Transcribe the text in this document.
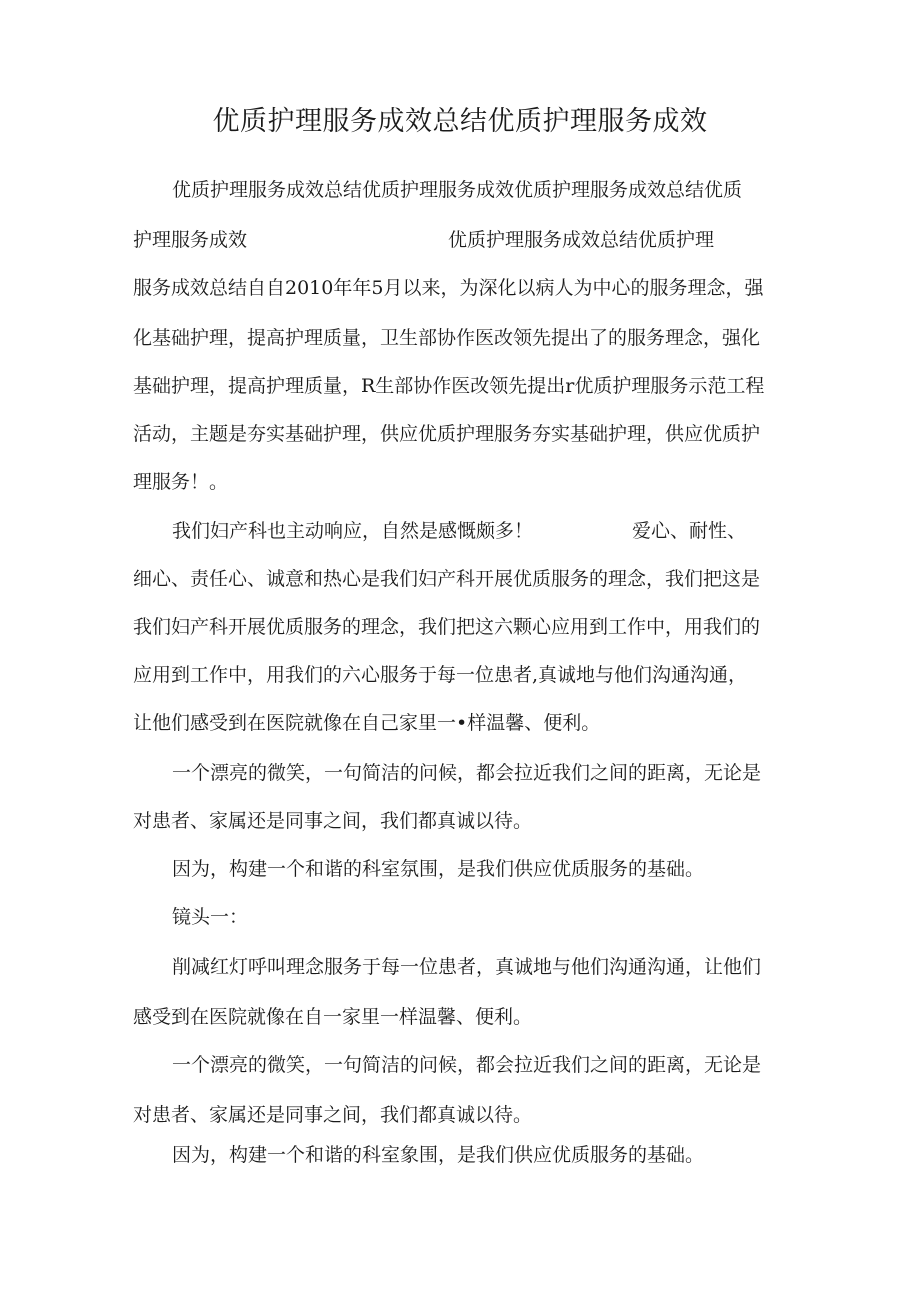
优质护理服务成效总结优质护理服务成效
优质护理服务成效总结优质护理服务成效优质护理服务成效总结优质
护理服务成效	优质护理服务成效总结优质护理
服务成效总结自自2010年年5月以来，为深化以病人为中心的服务理念，强
化基础护理，提高护理质量，卫生部协作医改领先提出了的服务理念，强化
基础护理，提高护理质量，R生部协作医改领先提出r优质护理服务示范工程
活动，主题是夯实基础护理，供应优质护理服务夯实基础护理，供应优质护
理服务！。
我们妇产科也主动响应，自然是感慨颇多！	爱心、耐性、
细心、责任心、诚意和热心是我们妇产科开展优质服务的理念，我们把这是
我们妇产科开展优质服务的理念，我们把这六颗心应用到工作中，用我们的
应用到工作中，用我们的六心服务于每一位患者,真诚地与他们沟通沟通，
让他们感受到在医院就像在自己家里一•样温馨、便利。
一个漂亮的微笑，一句简洁的问候，都会拉近我们之间的距离，无论是
对患者、家属还是同事之间，我们都真诚以待。
因为，构建一个和谐的科室氛围，是我们供应优质服务的基础。
镜头一：
削减红灯呼叫理念服务于每一位患者，真诚地与他们沟通沟通，让他们
感受到在医院就像在自一家里一样温馨、便利。
一个漂亮的微笑，一句简洁的问候，都会拉近我们之间的距离，无论是
对患者、家属还是同事之间，我们都真诚以待。
因为，构建一个和谐的科室象围，是我们供应优质服务的基础。
